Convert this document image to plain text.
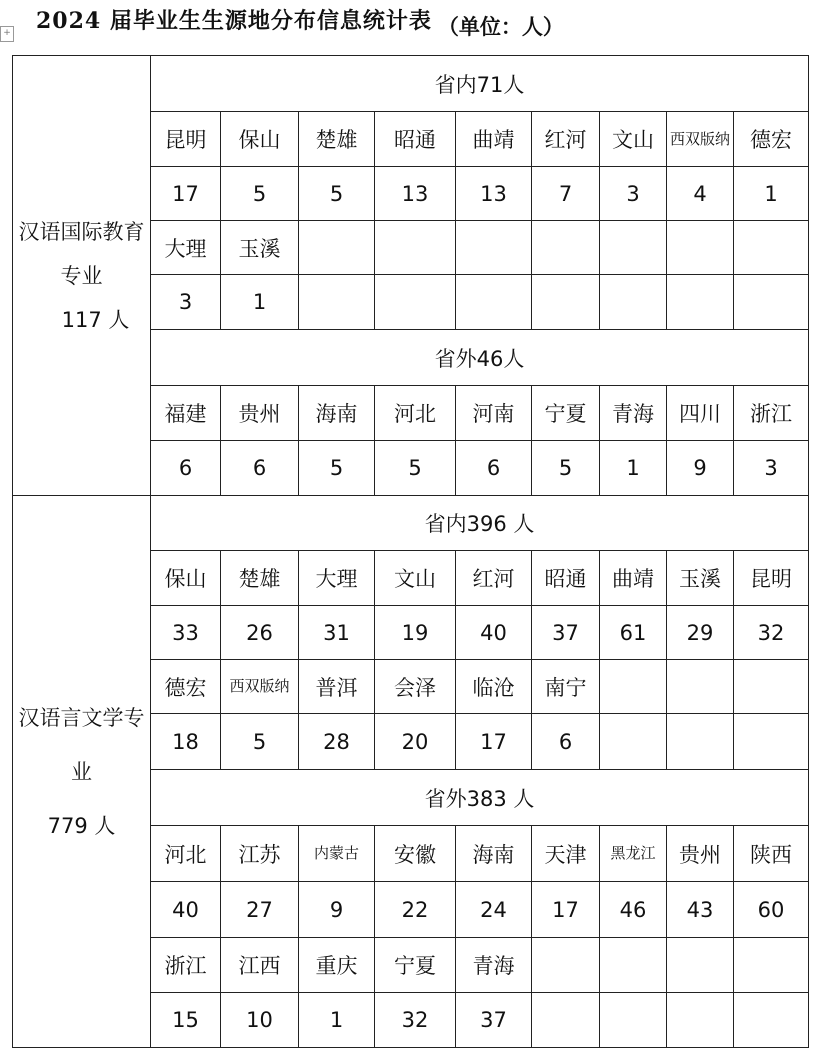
2024 届毕业生生源地分布信息统计表 （单位：人）
+
汉语国际教育专业
117 人	省内71人								
	昆明	保山	楚雄	昭通	曲靖	红河	文山	西双版纳	德宏
	17	5	5	13	13	7	3	4	1
	大理	玉溪							
	3	1							
	省外46人								
	福建	贵州	海南	河北	河南	宁夏	青海	四川	浙江
	6	6	5	5	6	5	1	9	3
汉语言文学专业
779 人	省内396 人								
	保山	楚雄	大理	文山	红河	昭通	曲靖	玉溪	昆明
	33	26	31	19	40	37	61	29	32
	德宏	西双版纳	普洱	会泽	临沧	南宁			
	18	5	28	20	17	6			
	省外383 人								
	河北	江苏	内蒙古	安徽	海南	天津	黑龙江	贵州	陕西
	40	27	9	22	24	17	46	43	60
	浙江	江西	重庆	宁夏	青海				
	15	10	1	32	37				
